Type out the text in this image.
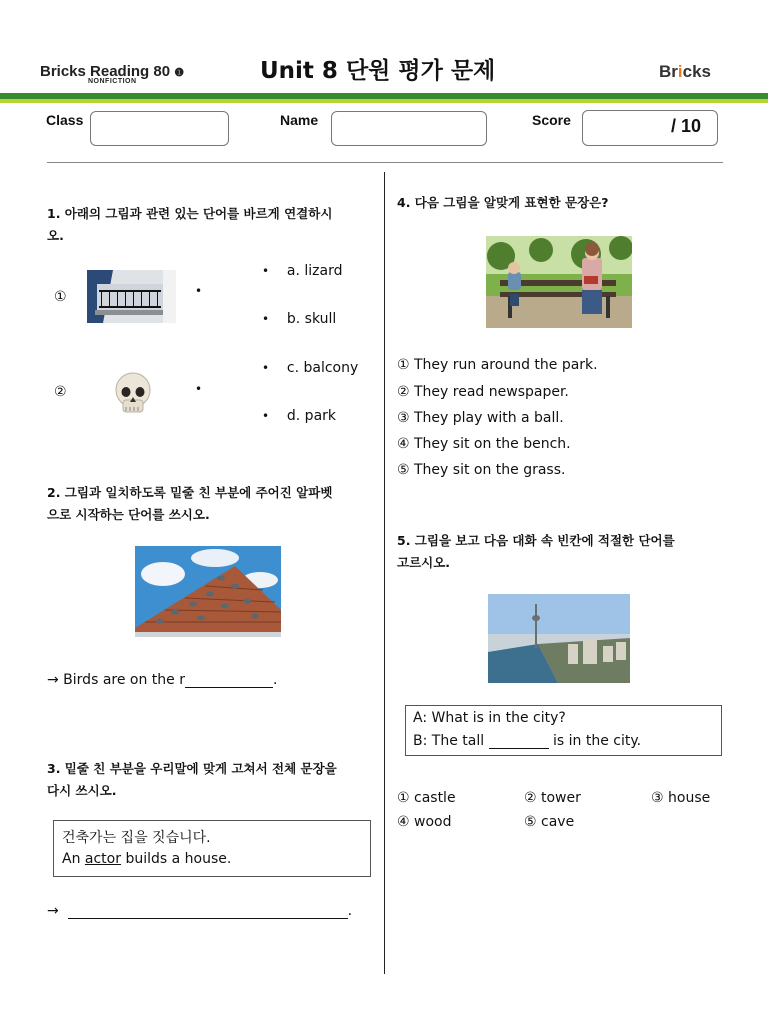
Bricks Reading 80 ❶
NONFICTION	Unit 8 단원 평가 문제	Bricks
Class	Name	Score	/ 10
1. 아래의 그림과 관련 있는 단어를 바르게 연결하시
오.
①	•
②	•
• a. lizard
• b. skull
• c. balcony
• d. park
2. 그림과 일치하도록 밑줄 친 부분에 주어진 알파벳
으로 시작하는 단어를 쓰시오.
→ Birds are on the r	.
3. 밑줄 친 부분을 우리말에 맞게 고쳐서 전체 문장을
다시 쓰시오.
건축가는 집을 짓습니다.
An actor builds a house.
→	.
4. 다음 그림을 알맞게 표현한 문장은?
① They run around the park.
② They read newspaper.
③ They play with a ball.
④ They sit on the bench.
⑤ They sit on the grass.
5. 그림을 보고 다음 대화 속 빈칸에 적절한 단어를
고르시오.
A: What is in the city?
B: The tall	is in the city.
① castle	② tower	③ house
④ wood	⑤ cave
